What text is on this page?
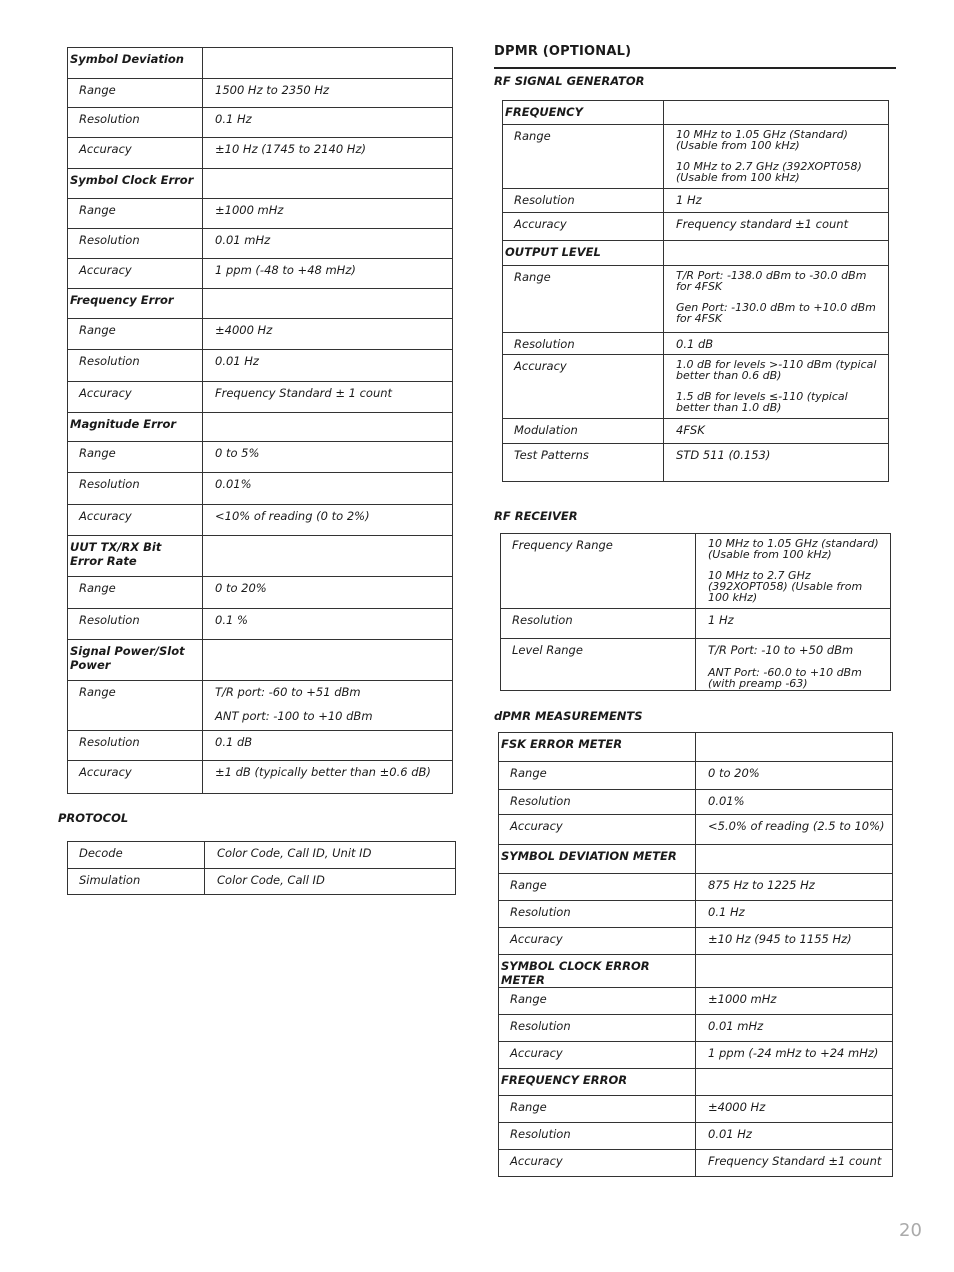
Symbol Deviation	
Range	1500 Hz to 2350 Hz

Resolution	0.1 Hz

Accuracy	±10 Hz (1745 to 2140 Hz)

Symbol Clock Error	
Range	±1000 mHz

Resolution	0.01 mHz

Accuracy	1 ppm (-48 to +48 mHz)

Frequency Error	
Range	±4000 Hz

Resolution	0.01 Hz

Accuracy	Frequency Standard ± 1 count

Magnitude Error	
Range	0 to 5%

Resolution	0.01%

Accuracy	<10% of reading (0 to 2%)

UUT TX/RX Bit Error Rate	
Range	0 to 20%

Resolution	0.1 %

Signal Power/Slot Power	
Range	T/R port: -60 to +51 dBm
ANT port: -100 to +10 dBm

Resolution	0.1 dB

Accuracy	±1 dB (typically better than ±0.6 dB)
PROTOCOL
Decode	Color Code, Call ID, Unit ID

Simulation	Color Code, Call ID
DPMR (OPTIONAL)
RF SIGNAL GENERATOR
FREQUENCY	
Range	10 MHz to 1.05 GHz (Standard) (Usable from 100 kHz)
10 MHz to 2.7 GHz (392XOPT058) (Usable from 100 kHz)

Resolution	1 Hz

Accuracy	Frequency standard ±1 count

OUTPUT LEVEL	
Range	T/R Port: -138.0 dBm to -30.0 dBm for 4FSK
Gen Port: -130.0 dBm to +10.0 dBm for 4FSK

Resolution	0.1 dB

Accuracy	1.0 dB for levels >-110 dBm (typical better than 0.6 dB)
1.5 dB for levels ≤-110 (typical better than 1.0 dB)

Modulation	4FSK

Test Patterns	STD 511 (0.153)
RF RECEIVER
Frequency Range	10 MHz to 1.05 GHz (standard) (Usable from 100 kHz)
10 MHz to 2.7 GHz (392XOPT058) (Usable from 100 kHz)

Resolution	1 Hz

Level Range	T/R Port: -10 to +50 dBm
ANT Port: -60.0 to +10 dBm (with preamp -63)
dPMR MEASUREMENTS
FSK ERROR METER	
Range	0 to 20%

Resolution	0.01%

Accuracy	<5.0% of reading (2.5 to 10%)

SYMBOL DEVIATION METER	
Range	875 Hz to 1225 Hz

Resolution	0.1 Hz

Accuracy	±10 Hz (945 to 1155 Hz)

SYMBOL CLOCK ERROR METER	
Range	±1000 mHz

Resolution	0.01 mHz

Accuracy	1 ppm (-24 mHz to +24 mHz)

FREQUENCY ERROR	
Range	±4000 Hz

Resolution	0.01 Hz

Accuracy	Frequency Standard ±1 count
20
